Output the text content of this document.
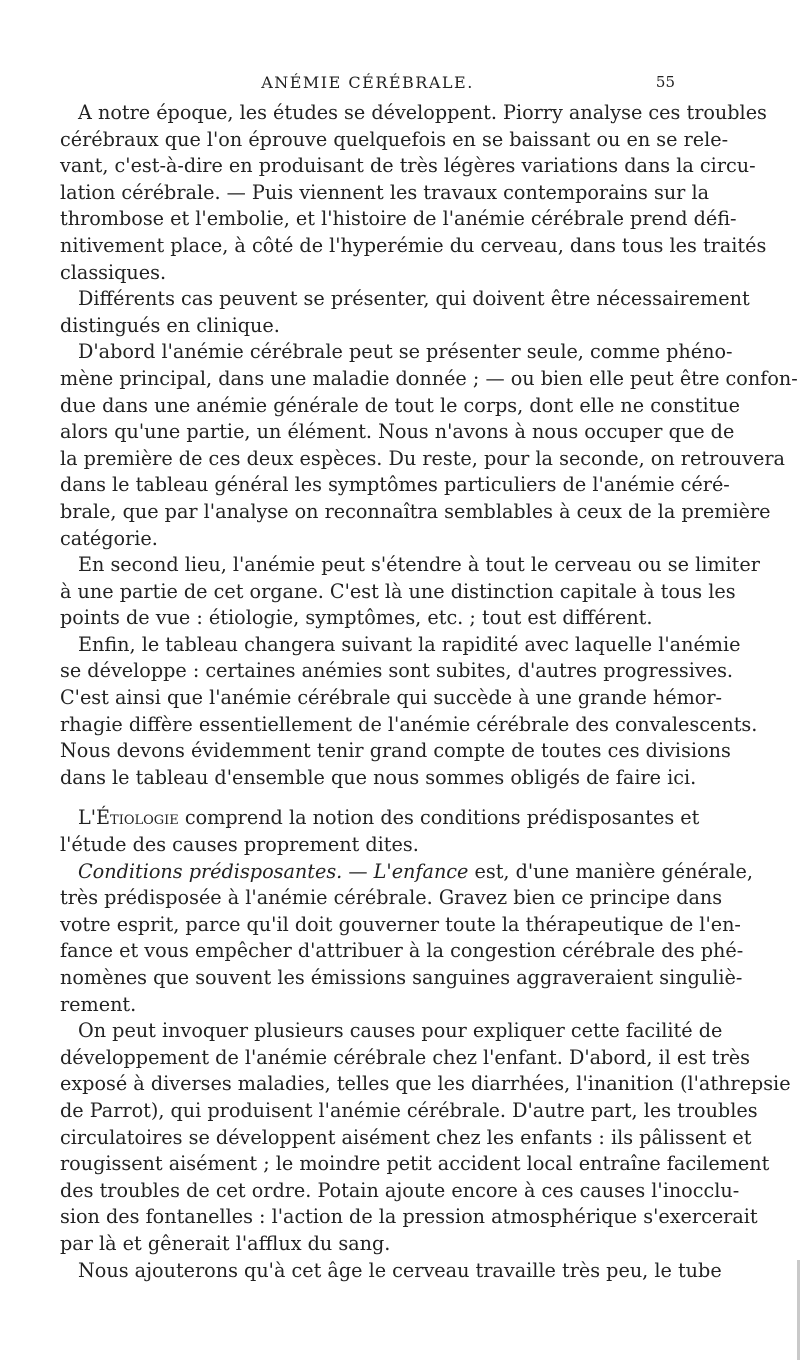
ANÉMIE CÉRÉBRALE.	55
A notre époque, les études se développent. Piorry analyse ces troubles
cérébraux que l'on éprouve quelquefois en se baissant ou en se rele-
vant, c'est-à-dire en produisant de très légères variations dans la circu-
lation cérébrale. — Puis viennent les travaux contemporains sur la
thrombose et l'embolie, et l'histoire de l'anémie cérébrale prend défi-
nitivement place, à côté de l'hyperémie du cerveau, dans tous les traités
classiques.
Différents cas peuvent se présenter, qui doivent être nécessairement
distingués en clinique.
D'abord l'anémie cérébrale peut se présenter seule, comme phéno-
mène principal, dans une maladie donnée ; — ou bien elle peut être confon-
due dans une anémie générale de tout le corps, dont elle ne constitue
alors qu'une partie, un élément. Nous n'avons à nous occuper que de
la première de ces deux espèces. Du reste, pour la seconde, on retrouvera
dans le tableau général les symptômes particuliers de l'anémie céré-
brale, que par l'analyse on reconnaîtra semblables à ceux de la première
catégorie.
En second lieu, l'anémie peut s'étendre à tout le cerveau ou se limiter
à une partie de cet organe. C'est là une distinction capitale à tous les
points de vue : étiologie, symptômes, etc. ; tout est différent.
Enfin, le tableau changera suivant la rapidité avec laquelle l'anémie
se développe : certaines anémies sont subites, d'autres progressives.
C'est ainsi que l'anémie cérébrale qui succède à une grande hémor-
rhagie diffère essentiellement de l'anémie cérébrale des convalescents.
Nous devons évidemment tenir grand compte de toutes ces divisions
dans le tableau d'ensemble que nous sommes obligés de faire ici.
L'Étiologie comprend la notion des conditions prédisposantes et
l'étude des causes proprement dites.
Conditions prédisposantes. — L'enfance est, d'une manière générale,
très prédisposée à l'anémie cérébrale. Gravez bien ce principe dans
votre esprit, parce qu'il doit gouverner toute la thérapeutique de l'en-
fance et vous empêcher d'attribuer à la congestion cérébrale des phé-
nomènes que souvent les émissions sanguines aggraveraient singuliè-
rement.
On peut invoquer plusieurs causes pour expliquer cette facilité de
développement de l'anémie cérébrale chez l'enfant. D'abord, il est très
exposé à diverses maladies, telles que les diarrhées, l'inanition (l'athrepsie
de Parrot), qui produisent l'anémie cérébrale. D'autre part, les troubles
circulatoires se développent aisément chez les enfants : ils pâlissent et
rougissent aisément ; le moindre petit accident local entraîne facilement
des troubles de cet ordre. Potain ajoute encore à ces causes l'inocclu-
sion des fontanelles : l'action de la pression atmosphérique s'exercerait
par là et gênerait l'afflux du sang.
Nous ajouterons qu'à cet âge le cerveau travaille très peu, le tube
